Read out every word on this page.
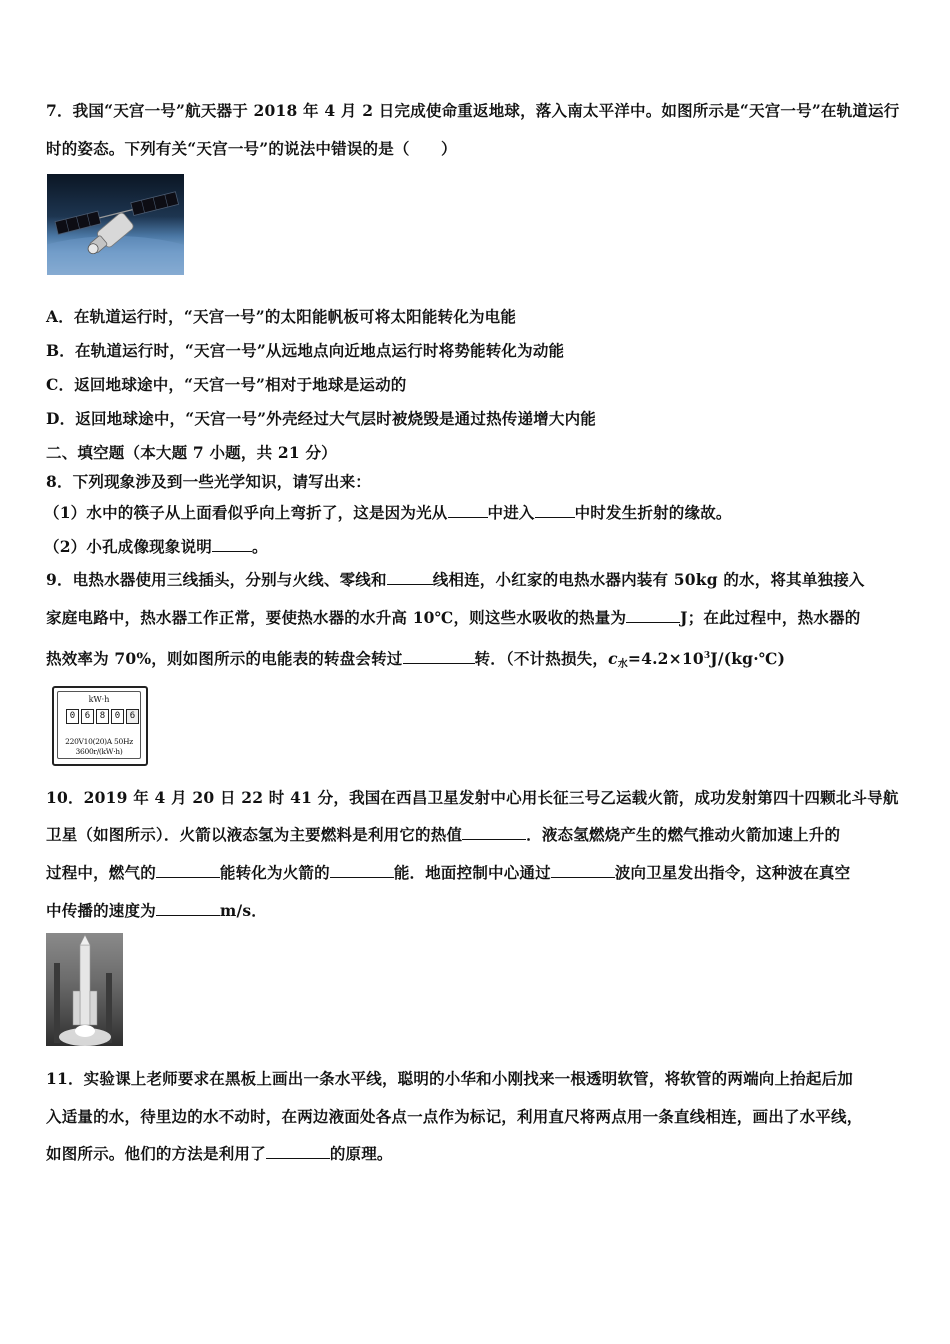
7．我国“天宫一号”航天器于 2018 年 4 月 2 日完成使命重返地球，落入南太平洋中。如图所示是“天宫一号”在轨道运行
时的姿态。下列有关“天宫一号”的说法中错误的是（　　）
A．在轨道运行时，“天宫一号”的太阳能帆板可将太阳能转化为电能
B．在轨道运行时，“天宫一号”从远地点向近地点运行时将势能转化为动能
C．返回地球途中，“天宫一号”相对于地球是运动的
D．返回地球途中，“天宫一号”外壳经过大气层时被烧毁是通过热传递增大内能
二、填空题（本大题 7 小题，共 21 分）
8．下列现象涉及到一些光学知识，请写出来：
（1）水中的筷子从上面看似乎向上弯折了，这是因为光从	中进入	中时发生折射的缘故。
（2）小孔成像现象说明	。
9．电热水器使用三线插头，分别与火线、零线和	线相连，小红家的电热水器内装有 50kg 的水，将其单独接入
家庭电路中，热水器工作正常，要使热水器的水升高 10℃，则这些水吸收的热量为	J；在此过程中，热水器的
热效率为 70%，则如图所示的电能表的转盘会转过	转．（不计热损失，$c_水=4.2\times 10^3J/(kg\cdot℃)$
kW·h
0	6	8	0	6
220V10(20)A 50Hz
3600r/(kW·h)
10．2019 年 4 月 20 日 22 时 41 分，我国在西昌卫星发射中心用长征三号乙运载火箭，成功发射第四十四颗北斗导航
卫星（如图所示）．火箭以液态氢为主要燃料是利用它的热值	．液态氢燃烧产生的燃气推动火箭加速上升的
过程中，燃气的	能转化为火箭的	能．地面控制中心通过	波向卫星发出指令，这种波在真空
中传播的速度为	m/s．
11．实验课上老师要求在黑板上画出一条水平线，聪明的小华和小刚找来一根透明软管，将软管的两端向上抬起后加
入适量的水，待里边的水不动时，在两边液面处各点一点作为标记，利用直尺将两点用一条直线相连，画出了水平线，
如图所示。他们的方法是利用了	的原理。
